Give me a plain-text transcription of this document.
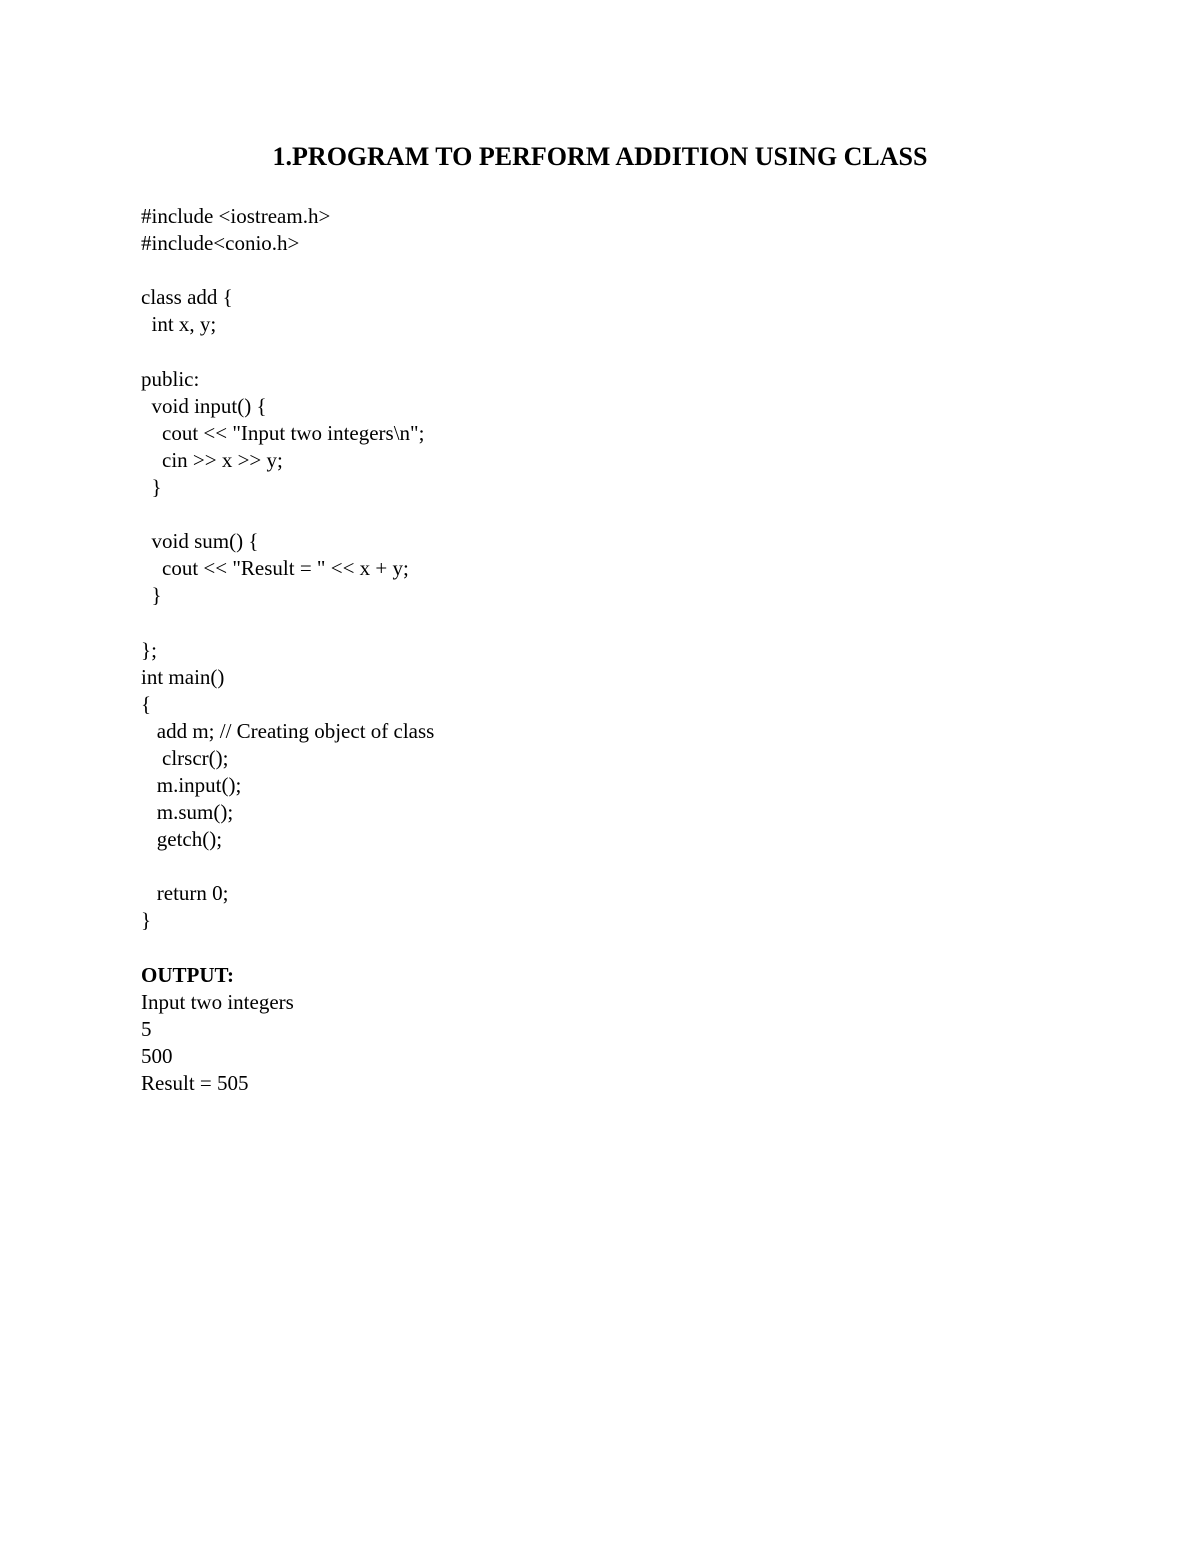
1.PROGRAM TO PERFORM ADDITION USING CLASS
#include <iostream.h>
#include<conio.h>
class add {
int x, y;
public:
void input() {
cout << "Input two integers\n";
cin >> x >> y;
}
void sum() {
cout << "Result = " << x + y;
}
};
int main()
{
add m; // Creating object of class
clrscr();
m.input();
m.sum();
getch();
return 0;
}
OUTPUT:
Input two integers
5
500
Result = 505
